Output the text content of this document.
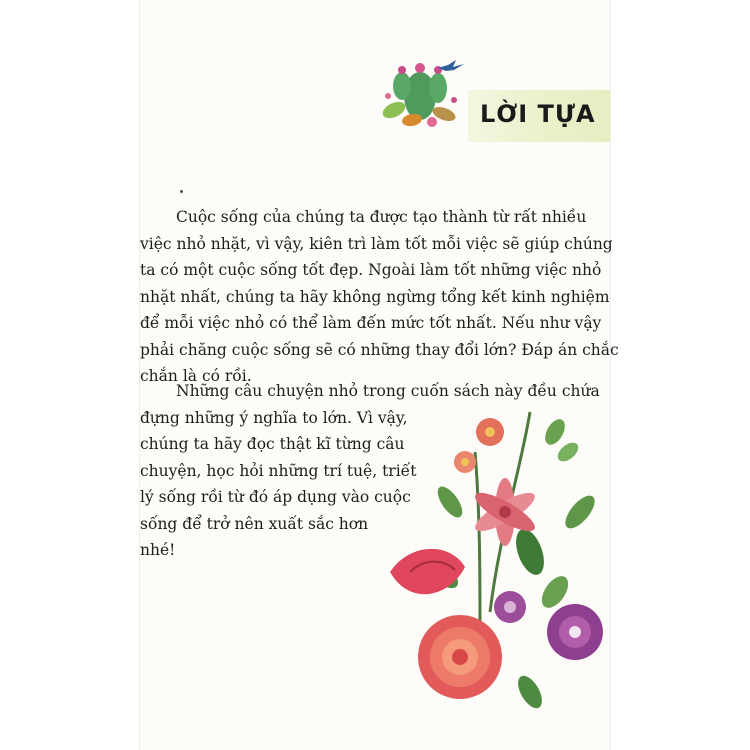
LỜI TỰA

Cuộc sống của chúng ta được tạo thành từ rất nhiều
việc nhỏ nhặt, vì vậy, kiên trì làm tốt mỗi việc sẽ giúp chúng
ta có một cuộc sống tốt đẹp. Ngoài làm tốt những việc nhỏ
nhặt nhất, chúng ta hãy không ngừng tổng kết kinh nghiệm
để mỗi việc nhỏ có thể làm đến mức tốt nhất. Nếu như vậy
phải chăng cuộc sống sẽ có những thay đổi lớn? Đáp án chắc
chắn là có rồi.

Những câu chuyện nhỏ trong cuốn sách này đều chứa
đựng những ý nghĩa to lớn. Vì vậy,
chúng ta hãy đọc thật kĩ từng câu
chuyện, học hỏi những trí tuệ, triết
lý sống rồi từ đó áp dụng vào cuộc
sống để trở nên xuất sắc hơn
nhé!
